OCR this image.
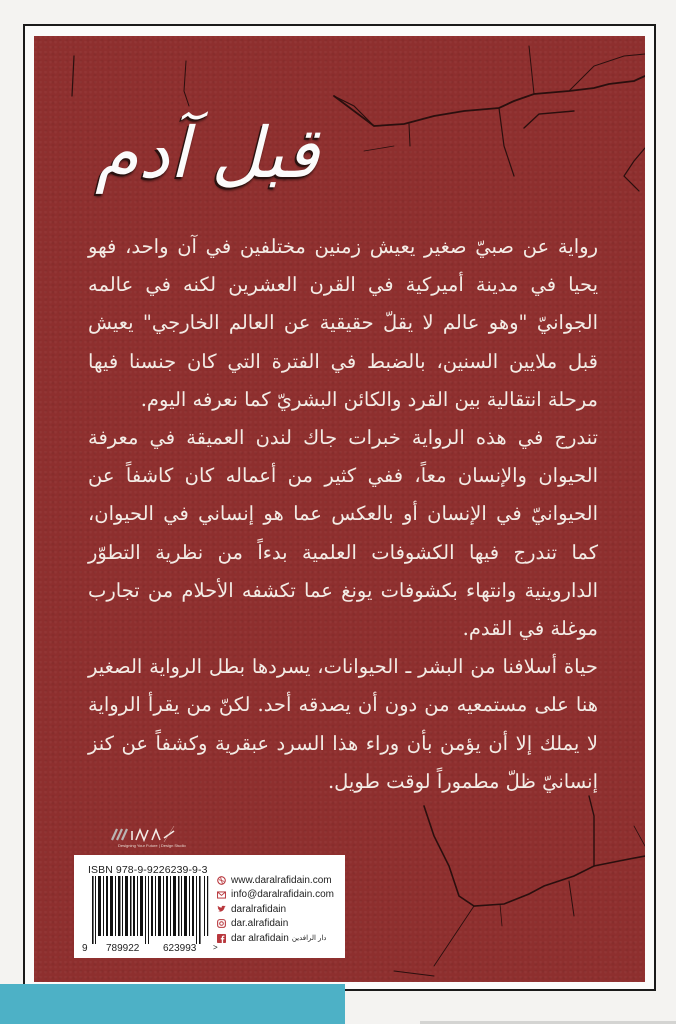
قبل آدم

رواية عن صبيّ صغير يعيش زمنين مختلفين في آن واحد، فهو يحيا في مدينة أميركية في القرن العشرين لكنه في عالمه الجوانيّ "وهو عالم لا يقلّ حقيقية عن العالم الخارجي" يعيش قبل ملايين السنين، بالضبط في الفترة التي كان جنسنا فيها مرحلة انتقالية بين القرد والكائن البشريّ كما نعرفه اليوم.

تندرج في هذه الرواية خبرات جاك لندن العميقة في معرفة الحيوان والإنسان معاً، ففي كثير من أعماله كان كاشفاً عن الحيوانيّ في الإنسان أو بالعكس عما هو إنساني في الحيوان، كما تندرج فيها الكشوفات العلمية بدءاً من نظرية التطوّر الداروينية وانتهاء بكشوفات يونغ عما تكشفه الأحلام من تجارب موغلة في القدم.

حياة أسلافنا من البشر ـ الحيوانات، يسردها بطل الرواية الصغير هنا على مستمعيه من دون أن يصدقه أحد. لكنّ من يقرأ الرواية لا يملك إلا أن يؤمن بأن وراء هذا السرد عبقرية وكشفاً عن كنز إنسانيّ ظلّ مطموراً لوقت طويل.

Designing Your Future | Design Studio
ISBN 978-9-9226239-9-3
9 789922 623993 >
www.daralrafidain.com
info@daralrafidain.com
daralrafidain
dar.alrafidain
dar alrafidain دار الرافدين
